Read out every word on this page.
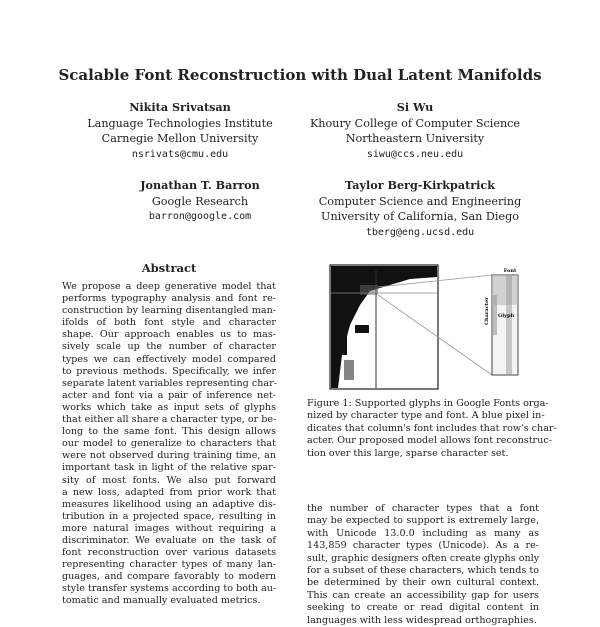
Scalable Font Reconstruction with Dual Latent Manifolds
Nikita Srivatsan
Language Technologies Institute
Carnegie Mellon University
nsrivats@cmu.edu
Si Wu
Khoury College of Computer Science
Northeastern University
siwu@ccs.neu.edu
Jonathan T. Barron
Google Research
barron@google.com
Taylor Berg-Kirkpatrick
Computer Science and Engineering
University of California, San Diego
tberg@eng.ucsd.edu
Abstract
We propose a deep generative model that
performs typography analysis and font re-
construction by learning disentangled man-
ifolds of both font style and character
shape. Our approach enables us to mas-
sively scale up the number of character
types we can effectively model compared
to previous methods. Specifically, we infer
separate latent variables representing char-
acter and font via a pair of inference net-
works which take as input sets of glyphs
that either all share a character type, or be-
long to the same font. This design allows
our model to generalize to characters that
were not observed during training time, an
important task in light of the relative spar-
sity of most fonts. We also put forward
a new loss, adapted from prior work that
measures likelihood using an adaptive dis-
tribution in a projected space, resulting in
more natural images without requiring a
discriminator. We evaluate on the task of
font reconstruction over various datasets
representing character types of many lan-
guages, and compare favorably to modern
style transfer systems according to both au-
tomatic and manually evaluated metrics.
Font
Character Glyph
Figure 1: Supported glyphs in Google Fonts orga-
nized by character type and font. A blue pixel in-
dicates that column's font includes that row's char-
acter. Our proposed model allows font reconstruc-
tion over this large, sparse character set.
the number of character types that a font
may be expected to support is extremely large,
with Unicode 13.0.0 including as many as
143,859 character types (Unicode). As a re-
sult, graphic designers often create glyphs only
for a subset of these characters, which tends to
be determined by their own cultural context.
This can create an accessibility gap for users
seeking to create or read digital content in
languages with less widespread orthographies.
